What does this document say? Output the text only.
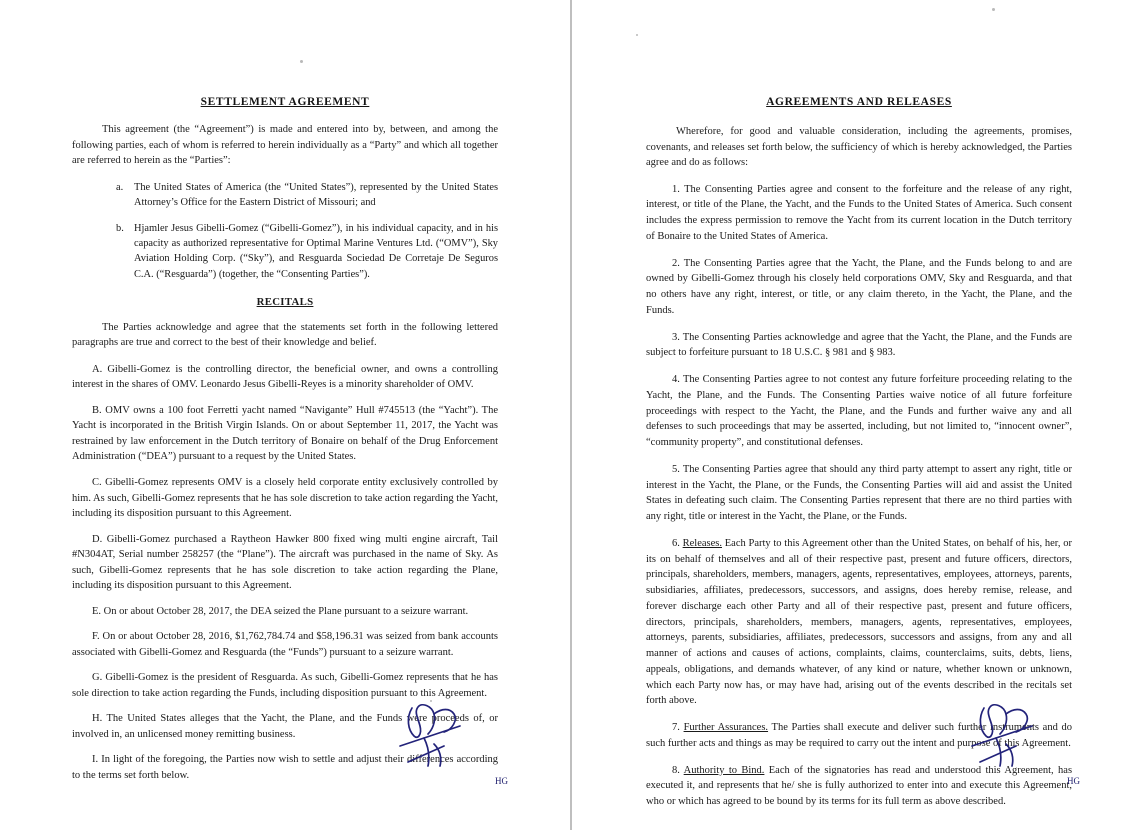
SETTLEMENT AGREEMENT

This agreement (the “Agreement”) is made and entered into by, between, and among the following parties, each of whom is referred to herein individually as a “Party” and which all together are referred to herein as the “Parties”:

a. The United States of America (the “United States”), represented by the United States Attorney’s Office for the Eastern District of Missouri; and
b. Hjamler Jesus Gibelli-Gomez (“Gibelli-Gomez”), in his individual capacity, and in his capacity as authorized representative for Optimal Marine Ventures Ltd. (“OMV”), Sky Aviation Holding Corp. (“Sky”), and Resguarda Sociedad De Corretaje De Seguros C.A. (“Resguarda”) (together, the “Consenting Parties”).
RECITALS

The Parties acknowledge and agree that the statements set forth in the following lettered paragraphs are true and correct to the best of their knowledge and belief.

A. Gibelli-Gomez is the controlling director, the beneficial owner, and owns a controlling interest in the shares of OMV. Leonardo Jesus Gibelli-Reyes is a minority shareholder of OMV.

B. OMV owns a 100 foot Ferretti yacht named “Navigante” Hull #745513 (the “Yacht”). The Yacht is incorporated in the British Virgin Islands. On or about September 11, 2017, the Yacht was restrained by law enforcement in the Dutch territory of Bonaire on behalf of the Drug Enforcement Administration (“DEA”) pursuant to a request by the United States.

C. Gibelli-Gomez represents OMV is a closely held corporate entity exclusively controlled by him. As such, Gibelli-Gomez represents that he has sole discretion to take action regarding the Yacht, including its disposition pursuant to this Agreement.

D. Gibelli-Gomez purchased a Raytheon Hawker 800 fixed wing multi engine aircraft, Tail #N304AT, Serial number 258257 (the “Plane”). The aircraft was purchased in the name of Sky. As such, Gibelli-Gomez represents that he has sole discretion to take action regarding the Plane, including its disposition pursuant to this Agreement.

E. On or about October 28, 2017, the DEA seized the Plane pursuant to a seizure warrant.

F. On or about October 28, 2016, $1,762,784.74 and $58,196.31 was seized from bank accounts associated with Gibelli-Gomez and Resguarda (the “Funds”) pursuant to a seizure warrant.

G. Gibelli-Gomez is the president of Resguarda. As such, Gibelli-Gomez represents that he has sole direction to take action regarding the Funds, including disposition pursuant to this Agreement.

H. The United States alleges that the Yacht, the Plane, and the Funds were proceeds of, or involved in, an unlicensed money remitting business.

I. In light of the foregoing, the Parties now wish to settle and adjust their differences according to the terms set forth below.

HG
AGREEMENTS AND RELEASES

Wherefore, for good and valuable consideration, including the agreements, promises, covenants, and releases set forth below, the sufficiency of which is hereby acknowledged, the Parties agree and do as follows:

1. The Consenting Parties agree and consent to the forfeiture and the release of any right, interest, or title of the Plane, the Yacht, and the Funds to the United States of America. Such consent includes the express permission to remove the Yacht from its current location in the Dutch territory of Bonaire to the United States of America.

2. The Consenting Parties agree that the Yacht, the Plane, and the Funds belong to and are owned by Gibelli-Gomez through his closely held corporations OMV, Sky and Resguarda, and that no others have any right, interest, or title, or any claim thereto, in the Yacht, the Plane, and the Funds.

3. The Consenting Parties acknowledge and agree that the Yacht, the Plane, and the Funds are subject to forfeiture pursuant to 18 U.S.C. § 981 and § 983.

4. The Consenting Parties agree to not contest any future forfeiture proceeding relating to the Yacht, the Plane, and the Funds. The Consenting Parties waive notice of all future forfeiture proceedings with respect to the Yacht, the Plane, and the Funds and further waive any and all defenses to such proceedings that may be asserted, including, but not limited to, “innocent owner”, “community property”, and constitutional defenses.

5. The Consenting Parties agree that should any third party attempt to assert any right, title or interest in the Yacht, the Plane, or the Funds, the Consenting Parties will aid and assist the United States in defeating such claim. The Consenting Parties represent that there are no third parties with any right, title or interest in the Yacht, the Plane, or the Funds.

6. Releases. Each Party to this Agreement other than the United States, on behalf of his, her, or its on behalf of themselves and all of their respective past, present and future officers, directors, principals, shareholders, members, managers, agents, representatives, employees, attorneys, parents, subsidiaries, affiliates, predecessors, successors, and assigns, does hereby remise, release, and forever discharge each other Party and all of their respective past, present and future officers, directors, principals, shareholders, members, managers, agents, representatives, employees, attorneys, parents, subsidiaries, affiliates, predecessors, successors and assigns, from any and all manner of actions and causes of actions, complaints, claims, counterclaims, suits, debts, liens, appeals, obligations, and demands whatever, of any kind or nature, whether known or unknown, which each Party now has, or may have had, arising out of the events described in the recitals set forth above.

7. Further Assurances. The Parties shall execute and deliver such further instruments and do such further acts and things as may be required to carry out the intent and purpose of this Agreement.

8. Authority to Bind. Each of the signatories has read and understood this Agreement, has executed it, and represents that he/ she is fully authorized to enter into and execute this Agreement, who or which has agreed to be bound by its terms for its full term as above described.

HG
